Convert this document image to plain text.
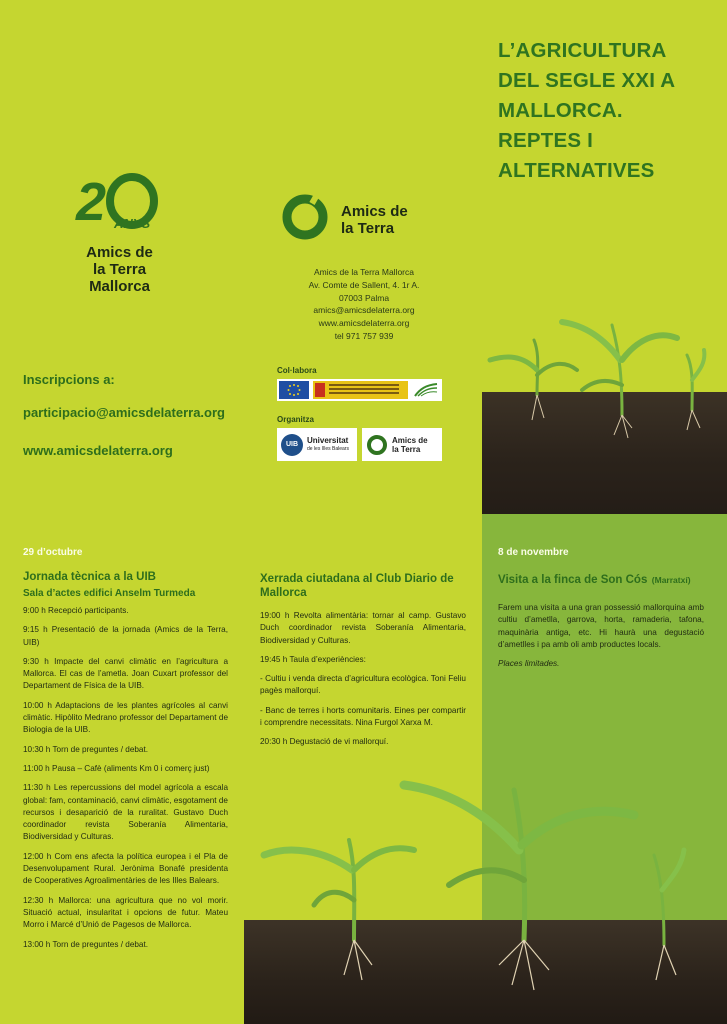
L’AGRICULTURA
DEL SEGLE XXI A
MALLORCA.
REPTES I
ALTERNATIVES
2 ANYS
Amics de
la Terra
Mallorca
Amics de
la Terra
Amics de la Terra Mallorca
Av. Comte de Sallent, 4. 1r A.
07003 Palma
amics@amicsdelaterra.org
www.amicsdelaterra.org
tel 971 757 939
Col·labora
Organitza
UIB	Universitat
de les Illes Balears
Amics de
la Terra
Inscripcions a:
participacio@amicsdelaterra.org
www.amicsdelaterra.org
29 d’octubre
Jornada tècnica a la UIB
Sala d’actes edifici Anselm Turmeda

9:00 h Recepció participants.

9:15 h Presentació de la jornada (Amics de la Terra, UIB)

9:30 h Impacte del canvi climàtic en l’agricultura a Mallorca. El cas de l’ametla. Joan Cuxart professor del Departament de Física de la UIB.

10:00 h Adaptacions de les plantes agrícoles al canvi climàtic. Hipòlito Medrano professor del Departament de Biologia de la UIB.

10:30 h Torn de preguntes / debat.

11:00 h Pausa – Cafè (aliments Km 0 i comerç just)

11:30 h Les repercussions del model agrícola a escala global: fam, contaminació, canvi climàtic, esgotament de recursos i desaparició de la ruralitat. Gustavo Duch coordinador revista Soberanía Alimentaria, Biodiversidad y Culturas.

12:00 h Com ens afecta la política europea i el Pla de Desenvolupament Rural. Jerònima Bonafé presidenta de Cooperatives Agroalimentàries de les Illes Balears.

12:30 h Mallorca: una agricultura que no vol morir. Situació actual, insularitat i opcions de futur. Mateu Morro i Marcé d’Unió de Pagesos de Mallorca.

13:00 h Torn de preguntes / debat.

Xerrada ciutadana al Club Diario de Mallorca

19:00 h Revolta alimentària: tornar al camp. Gustavo Duch coordinador revista Soberanía Alimentaria, Biodiversidad y Culturas.

19:45 h Taula d’experiències:

- Cultiu i venda directa d’agricultura ecològica. Toni Feliu pagès mallorquí.

- Banc de terres i horts comunitaris. Eines per compartir i comprendre necessitats. Nina Furgol Xarxa M.

20:30 h Degustació de vi mallorquí.

8 de novembre
Visita a la finca de Son Cós (Marratxí)

Farem una visita a una gran possessió mallorquina amb cultiu d’ametlla, garrova, horta, ramaderia, tafona, maquinària antiga, etc. Hi haurà una degustació d’ametlles i pa amb oli amb productes locals.

Places limitades.
